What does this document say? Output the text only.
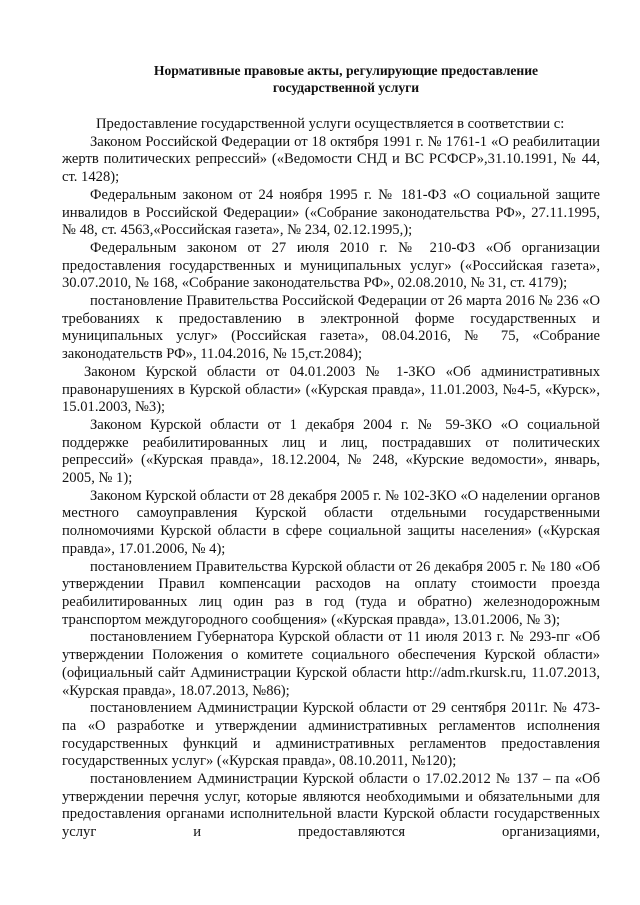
Нормативные правовые акты, регулирующие предоставление
государственной услуги

Предоставление государственной услуги осуществляется в соответствии с:

Законом Российской Федерации от 18 октября 1991 г. № 1761-1 «О реабилитации жертв политических репрессий» («Ведомости СНД и ВС РСФСР»,31.10.1991, № 44, ст. 1428);

Федеральным законом от 24 ноября 1995 г. № 181-ФЗ «О социальной защите инвалидов в Российской Федерации» («Собрание законодательства РФ», 27.11.1995, № 48, ст. 4563,«Российская газета», № 234, 02.12.1995,);

Федеральным законом от 27 июля 2010 г. № 210-ФЗ «Об организации предоставления государственных и муниципальных услуг» («Российская газета», 30.07.2010, № 168, «Собрание законодательства РФ», 02.08.2010, № 31, ст. 4179);

постановление Правительства Российской Федерации от 26 марта 2016 № 236 «О требованиях к предоставлению в электронной форме государственных и муниципальных услуг» (Российская газета», 08.04.2016, № 75, «Собрание законодательств РФ», 11.04.2016, № 15,ст.2084);

Законом Курской области от 04.01.2003 № 1-ЗКО «Об административных правонарушениях в Курской области» («Курская правда», 11.01.2003, №4-5, «Курск», 15.01.2003, №3);

Законом Курской области от 1 декабря 2004 г. № 59-ЗКО «О социальной поддержке реабилитированных лиц и лиц, пострадавших от политических репрессий» («Курская правда», 18.12.2004, № 248, «Курские ведомости», январь, 2005, № 1);

Законом Курской области от 28 декабря 2005 г. № 102-ЗКО «О наделении органов местного самоуправления Курской области отдельными государственными полномочиями Курской области в сфере социальной защиты населения» («Курская правда», 17.01.2006, № 4);

постановлением Правительства Курской области от 26 декабря 2005 г. № 180 «Об утверждении Правил компенсации расходов на оплату стоимости проезда реабилитированных лиц один раз в год (туда и обратно) железнодорожным транспортом междугородного сообщения» («Курская правда», 13.01.2006, № 3);

постановлением Губернатора Курской области от 11 июля 2013 г. № 293-пг «Об утверждении Положения о комитете социального обеспечения Курской области» (официальный сайт Администрации Курской области http://adm.rkursk.ru, 11.07.2013, «Курская правда», 18.07.2013, №86);

постановлением Администрации Курской области от 29 сентября 2011г. № 473-па «О разработке и утверждении административных регламентов исполнения государственных функций и административных регламентов предоставления государственных услуг» («Курская правда», 08.10.2011, №120);

постановлением Администрации Курской области о 17.02.2012 № 137 – па «Об утверждении перечня услуг, которые являются необходимыми и обязательными для предоставления органами исполнительной власти Курской области государственных услуг и предоставляются организациями,
